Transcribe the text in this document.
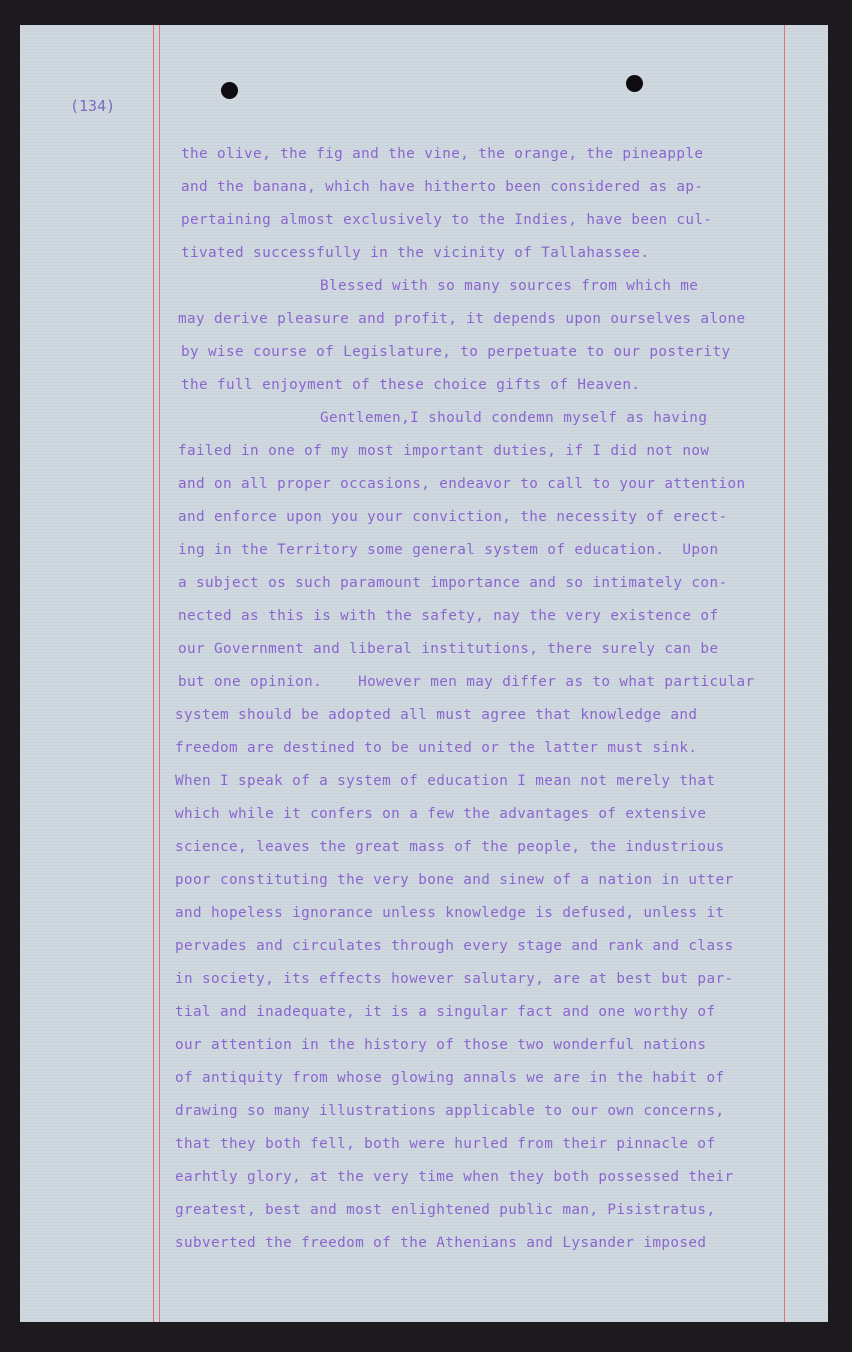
(134)
the olive, the fig and the vine, the orange, the pineapple
and the banana, which have hitherto been considered as ap-
pertaining almost exclusively to the Indies, have been cul-
tivated successfully in the vicinity of Tallahassee.
Blessed with so many sources from which me
may derive pleasure and profit, it depends upon ourselves alone
by wise course of Legislature, to perpetuate to our posterity
the full enjoyment of these choice gifts of Heaven.
Gentlemen,I should condemn myself as having
failed in one of my most important duties, if I did not now
and on all proper occasions, endeavor to call to your attention
and enforce upon you your conviction, the necessity of erect-
ing in the Territory some general system of education.  Upon
a subject os such paramount importance and so intimately con-
nected as this is with the safety, nay the very existence of
our Government and liberal institutions, there surely can be
but one opinion.    However men may differ as to what particular
system should be adopted all must agree that knowledge and
freedom are destined to be united or the latter must sink.
When I speak of a system of education I mean not merely that
which while it confers on a few the advantages of extensive
science, leaves the great mass of the people, the industrious
poor constituting the very bone and sinew of a nation in utter
and hopeless ignorance unless knowledge is defused, unless it
pervades and circulates through every stage and rank and class
in society, its effects however salutary, are at best but par-
tial and inadequate, it is a singular fact and one worthy of
our attention in the history of those two wonderful nations
of antiquity from whose glowing annals we are in the habit of
drawing so many illustrations applicable to our own concerns,
that they both fell, both were hurled from their pinnacle of
earhtly glory, at the very time when they both possessed their
greatest, best and most enlightened public man, Pisistratus,
subverted the freedom of the Athenians and Lysander imposed
